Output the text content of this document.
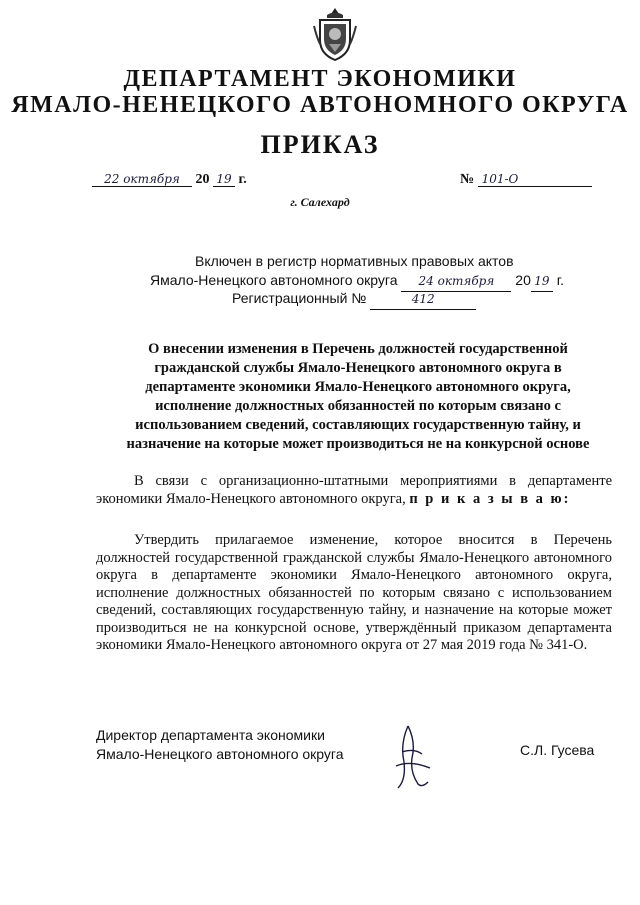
ДЕПАРТАМЕНТ ЭКОНОМИКИ
ЯМАЛО-НЕНЕЦКОГО АВТОНОМНОГО ОКРУГА
ПРИКАЗ
22 октября 20 19 г.	№ 101-О
г. Салехард
Включен в регистр нормативных правовых актов
Ямало-Ненецкого автономного округа 24 октября 20 19 г.
Регистрационный №	412
О внесении изменения в Перечень должностей государственной гражданской службы Ямало-Ненецкого автономного округа в департаменте экономики Ямало-Ненецкого автономного округа, исполнение должностных обязанностей по которым связано с использованием сведений, составляющих государственную тайну, и назначение на которые может производиться не на конкурсной основе
В связи с организационно-штатными мероприятиями в департаменте экономики Ямало-Ненецкого автономного округа, п р и к а з ы в а ю:
Утвердить прилагаемое изменение, которое вносится в Перечень должностей государственной гражданской службы Ямало-Ненецкого автономного округа в департаменте экономики Ямало-Ненецкого автономного округа, исполнение должностных обязанностей по которым связано с использованием сведений, составляющих государственную тайну, и назначение на которые может производиться не на конкурсной основе, утверждённый приказом департамента экономики Ямало-Ненецкого автономного округа от 27 мая 2019 года № 341-О.
Директор департамента экономики
Ямало-Ненецкого автономного округа	С.Л. Гусева
